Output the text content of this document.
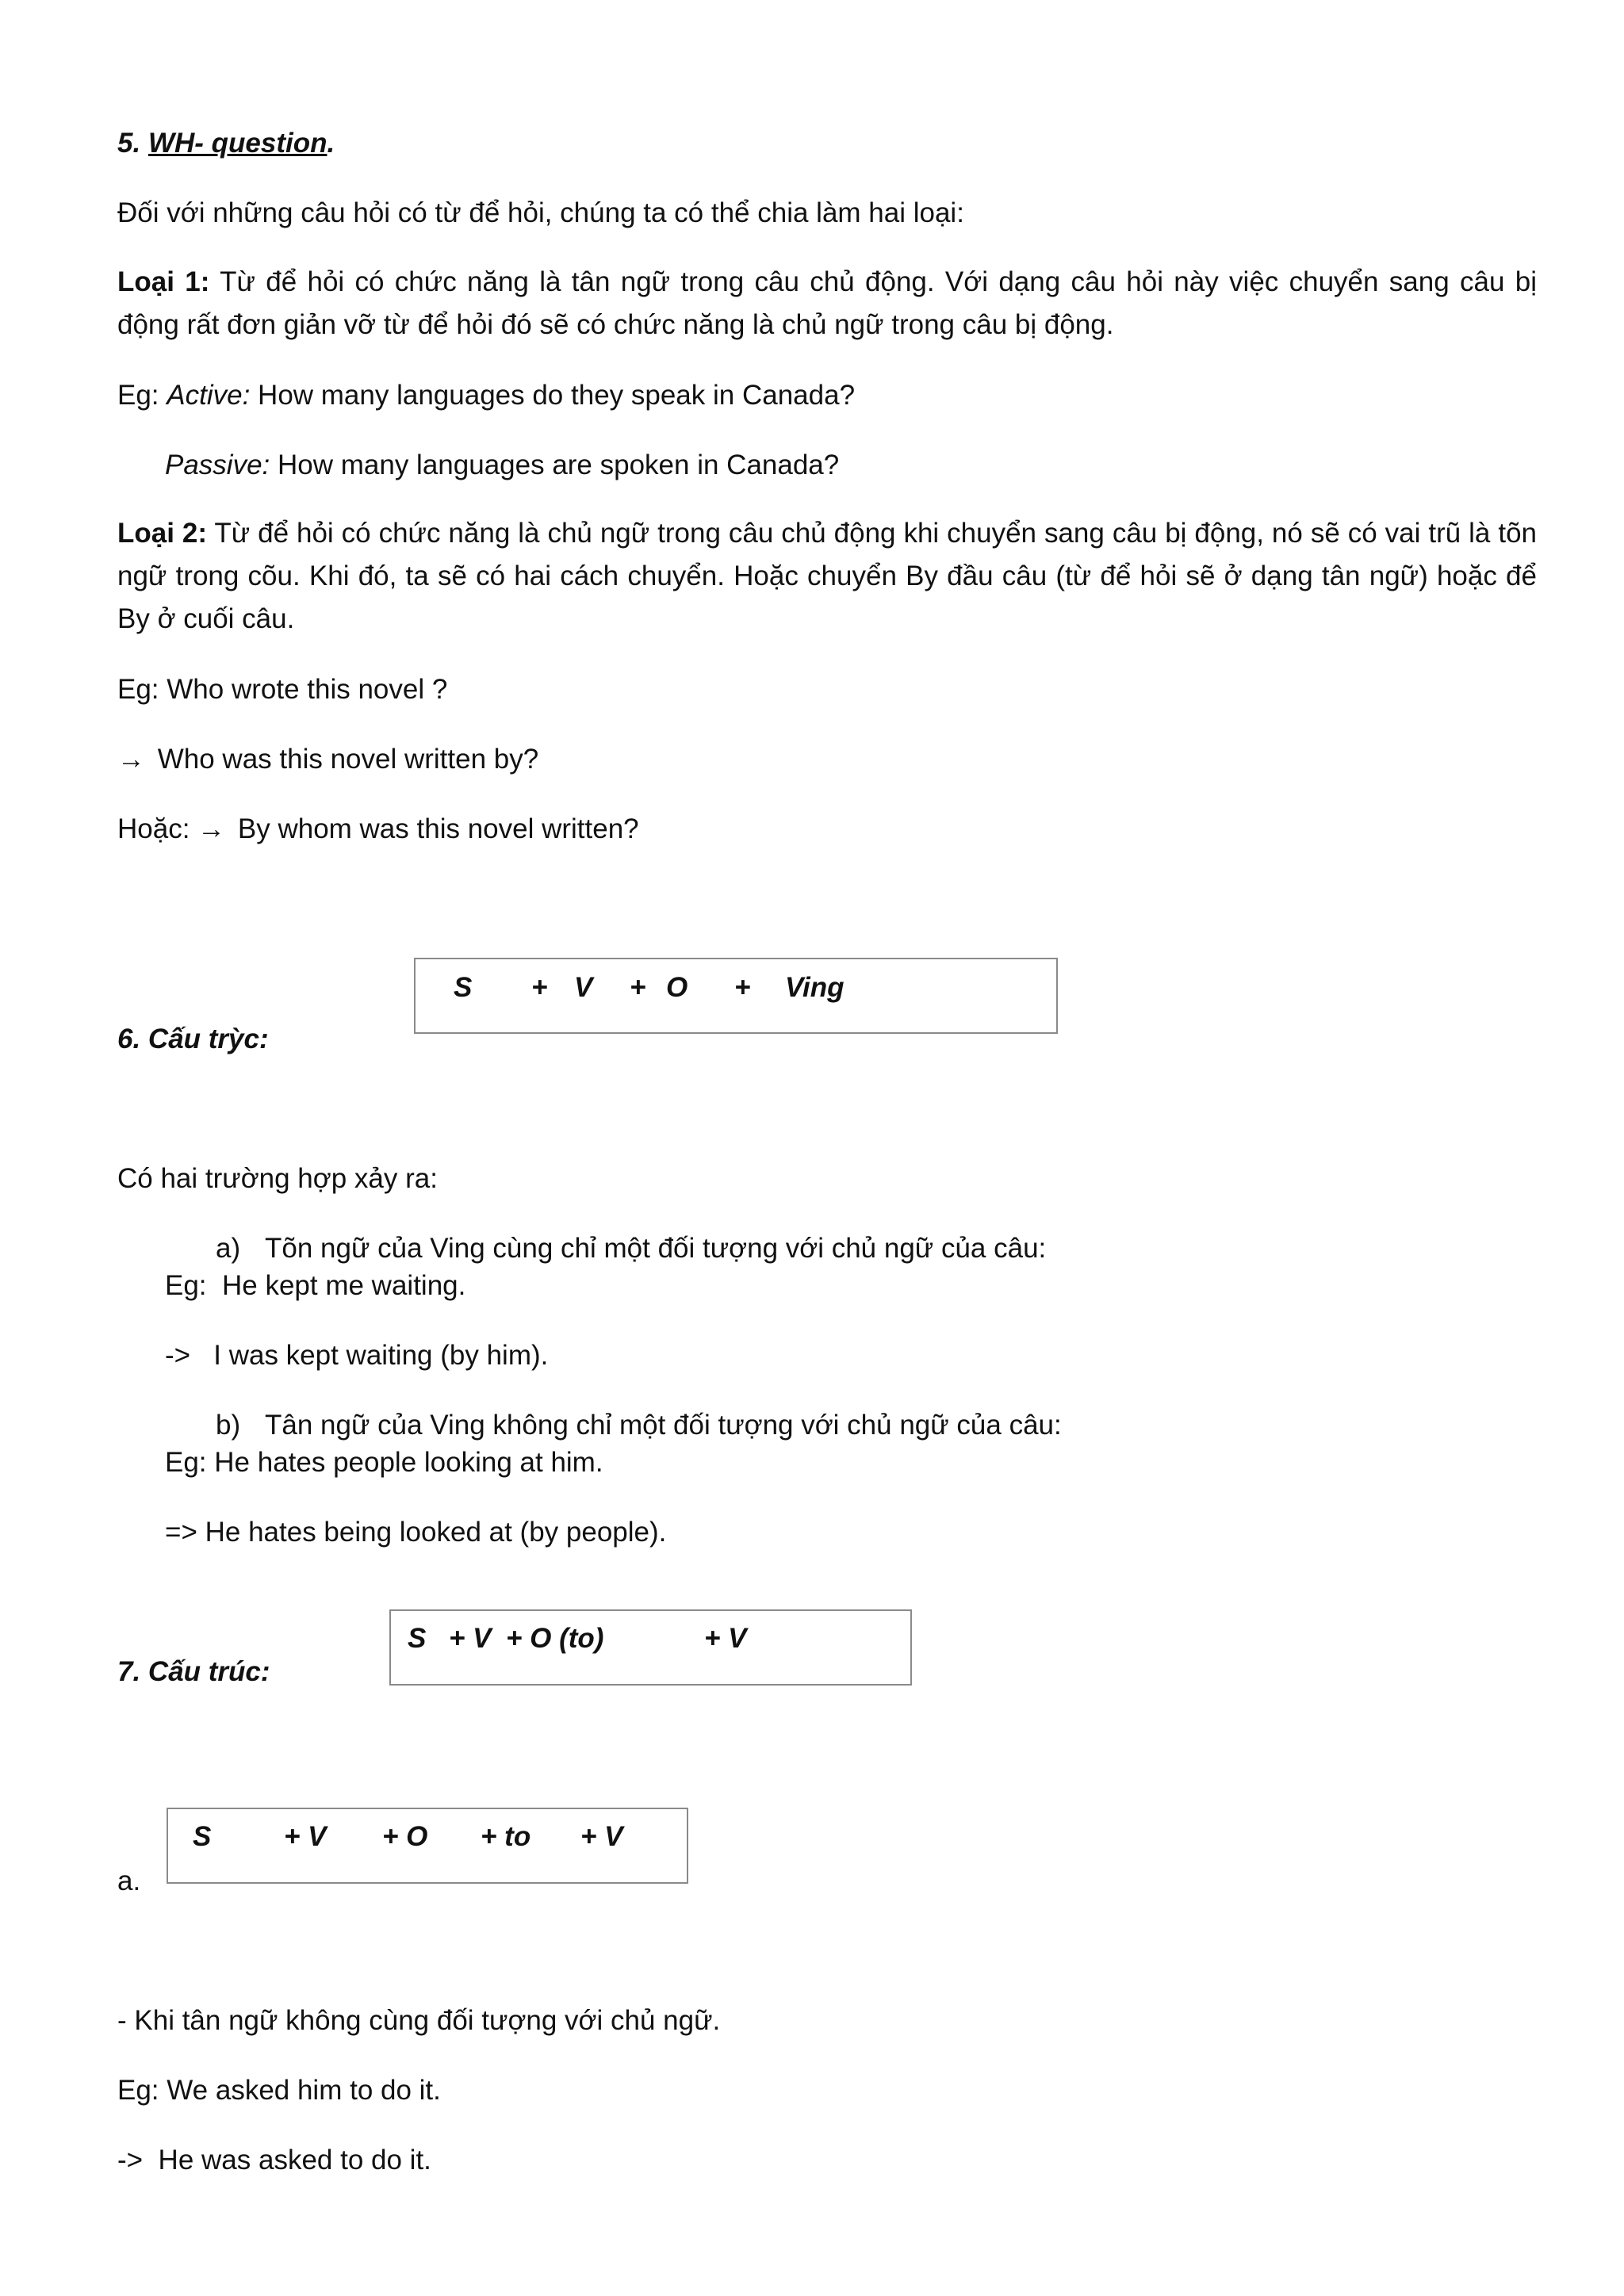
5. WH- question.
Đối với những câu hỏi có từ để hỏi, chúng ta có thể chia làm hai loại:
Loại 1: Từ để hỏi có chức năng là tân ngữ trong câu chủ động. Với dạng câu hỏi này việc chuyển sang câu bị động rất đơn giản vỡ từ để hỏi đó sẽ có chức năng là chủ ngữ trong câu bị động.
Eg: Active: How many languages do they speak in Canada?
Passive: How many languages are spoken in Canada?
Loại 2: Từ để hỏi có chức năng là chủ ngữ trong câu chủ động khi chuyển sang câu bị động, nó sẽ có vai trũ là tõn ngữ trong cõu. Khi đó, ta sẽ có hai cách chuyển. Hoặc chuyển By đầu câu (từ để hỏi sẽ ở dạng tân ngữ) hoặc để By ở cuối câu.
Eg: Who wrote this novel ?
→ Who was this novel written by?
Hoặc: → By whom was this novel written?
S + V + O + Ving
6. Cấu trỳc:
Có hai trường hợp xảy ra:
a) Tõn ngữ của Ving cùng chỉ một đối tượng với chủ ngữ của câu:
Eg:  He kept me waiting.
->   I was kept waiting (by him).
b) Tân ngữ của Ving không chỉ một đối tượng với chủ ngữ của câu:
Eg: He hates people looking at him.
=> He hates being looked at (by people).
S + V + O (to)	+ V
7. Cấu trúc:
S	+ V + O + to + V
a.
- Khi tân ngữ không cùng đối tượng với chủ ngữ.
Eg: We asked him to do it.
->  He was asked to do it.
